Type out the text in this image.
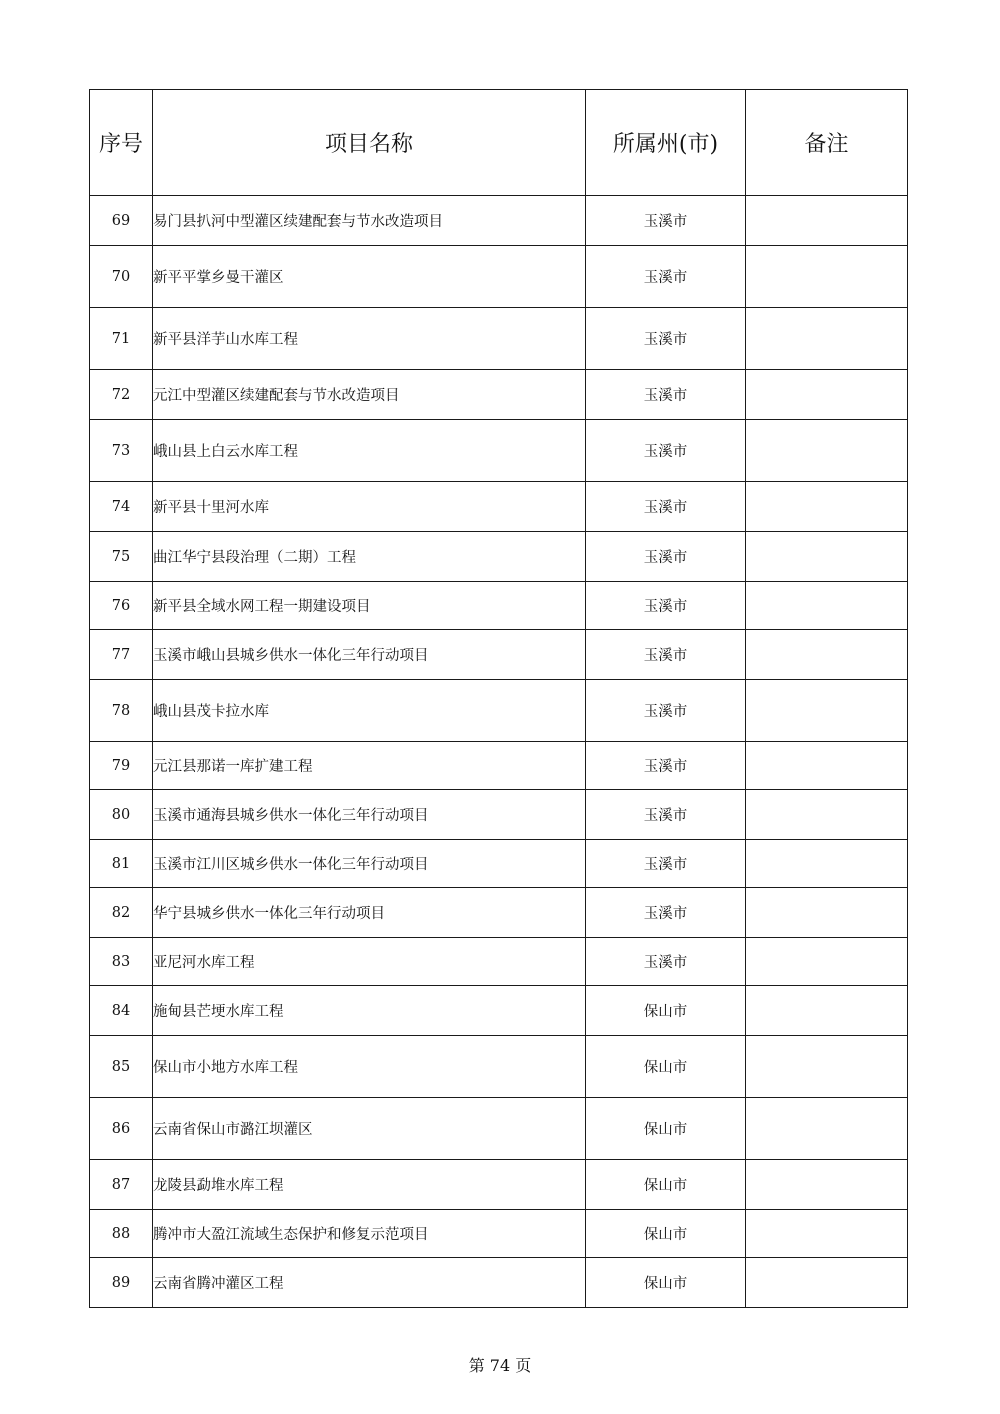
序号	项目名称	所属州(市)	备注
69	易门县扒河中型灌区续建配套与节水改造项目	玉溪市	
70	新平平掌乡曼干灌区	玉溪市	
71	新平县洋芋山水库工程	玉溪市	
72	元江中型灌区续建配套与节水改造项目	玉溪市	
73	峨山县上白云水库工程	玉溪市	
74	新平县十里河水库	玉溪市	
75	曲江华宁县段治理（二期）工程	玉溪市	
76	新平县全域水网工程一期建设项目	玉溪市	
77	玉溪市峨山县城乡供水一体化三年行动项目	玉溪市	
78	峨山县茂卡拉水库	玉溪市	
79	元江县那诺一库扩建工程	玉溪市	
80	玉溪市通海县城乡供水一体化三年行动项目	玉溪市	
81	玉溪市江川区城乡供水一体化三年行动项目	玉溪市	
82	华宁县城乡供水一体化三年行动项目	玉溪市	
83	亚尼河水库工程	玉溪市	
84	施甸县芒埂水库工程	保山市	
85	保山市小地方水库工程	保山市	
86	云南省保山市潞江坝灌区	保山市	
87	龙陵县勐堆水库工程	保山市	
88	腾冲市大盈江流域生态保护和修复示范项目	保山市	
89	云南省腾冲灌区工程	保山市	
第 74 页
